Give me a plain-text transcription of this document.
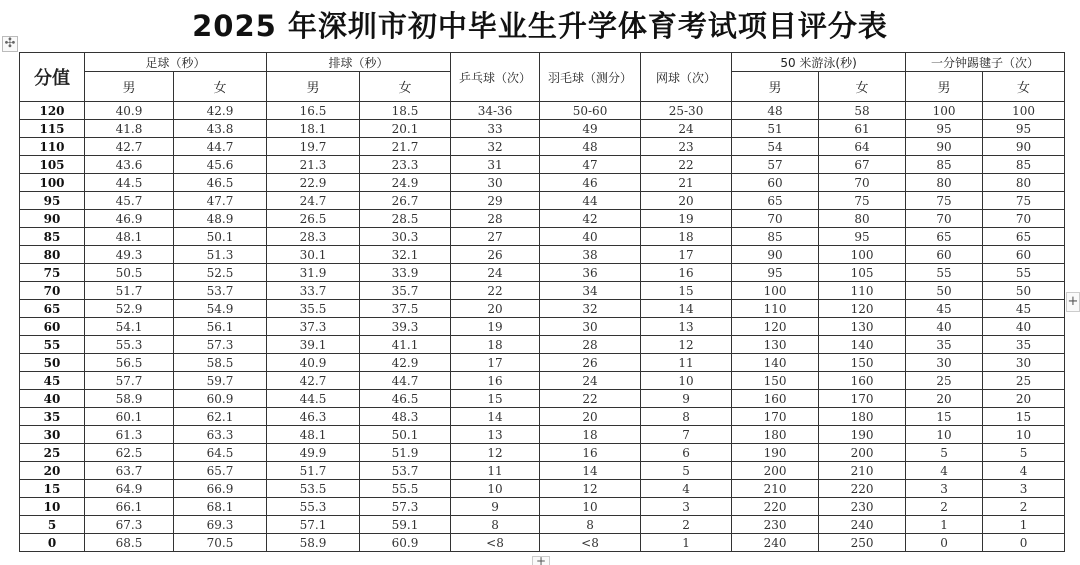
2025 年深圳市初中毕业生升学体育考试项目评分表
✣
分值	足球（秒）		排球（秒）		乒乓球（次）	羽毛球（测分）	网球（次）	50 米游泳(秒)		一分钟踢毽子（次）	
	男	女	男	女				男	女	男	女
120	40.9	42.9	16.5	18.5	34-36	50-60	25-30	48	58	100	100
115	41.8	43.8	18.1	20.1	33	49	24	51	61	95	95
110	42.7	44.7	19.7	21.7	32	48	23	54	64	90	90
105	43.6	45.6	21.3	23.3	31	47	22	57	67	85	85
100	44.5	46.5	22.9	24.9	30	46	21	60	70	80	80
95	45.7	47.7	24.7	26.7	29	44	20	65	75	75	75
90	46.9	48.9	26.5	28.5	28	42	19	70	80	70	70
85	48.1	50.1	28.3	30.3	27	40	18	85	95	65	65
80	49.3	51.3	30.1	32.1	26	38	17	90	100	60	60
75	50.5	52.5	31.9	33.9	24	36	16	95	105	55	55
70	51.7	53.7	33.7	35.7	22	34	15	100	110	50	50
65	52.9	54.9	35.5	37.5	20	32	14	110	120	45	45
60	54.1	56.1	37.3	39.3	19	30	13	120	130	40	40
55	55.3	57.3	39.1	41.1	18	28	12	130	140	35	35
50	56.5	58.5	40.9	42.9	17	26	11	140	150	30	30
45	57.7	59.7	42.7	44.7	16	24	10	150	160	25	25
40	58.9	60.9	44.5	46.5	15	22	9	160	170	20	20
35	60.1	62.1	46.3	48.3	14	20	8	170	180	15	15
30	61.3	63.3	48.1	50.1	13	18	7	180	190	10	10
25	62.5	64.5	49.9	51.9	12	16	6	190	200	5	5
20	63.7	65.7	51.7	53.7	11	14	5	200	210	4	4
15	64.9	66.9	53.5	55.5	10	12	4	210	220	3	3
10	66.1	68.1	55.3	57.3	9	10	3	220	230	2	2
5	67.3	69.3	57.1	59.1	8	8	2	230	240	1	1
0	68.5	70.5	58.9	60.9	<8	<8	1	240	250	0	0
+
+
